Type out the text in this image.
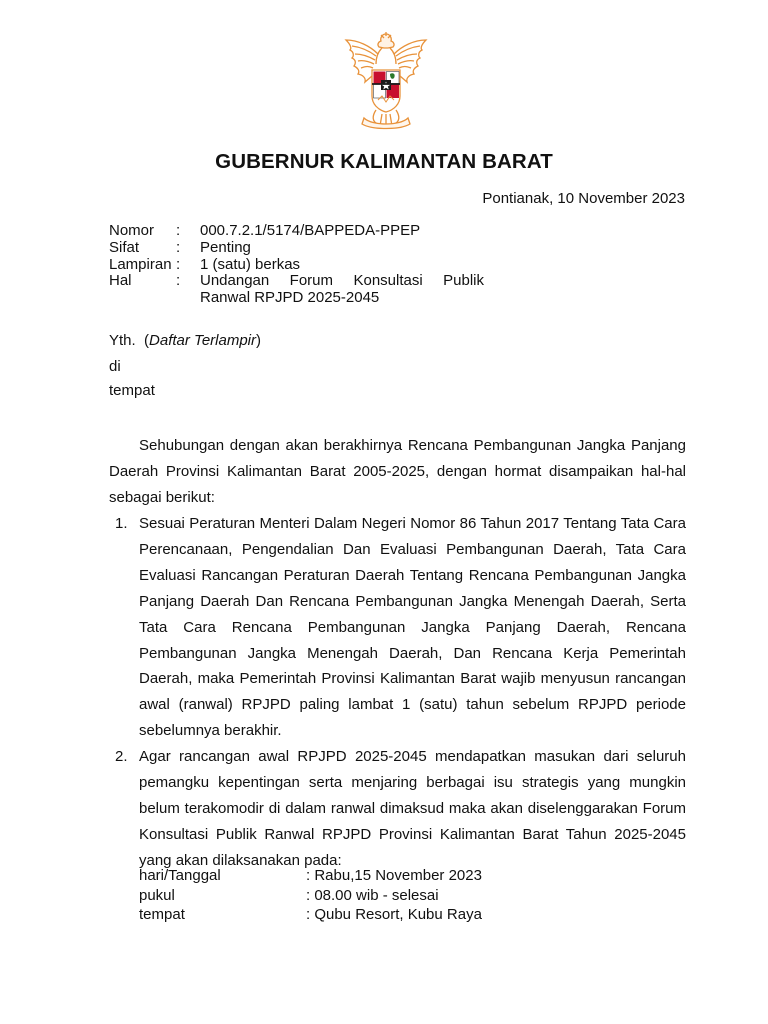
GUBERNUR KALIMANTAN BARAT
Pontianak, 10 November 2023
Nomor	:	000.7.2.1/5174/BAPPEDA-PPEP
Sifat	:	Penting
Lampiran :	1 (satu) berkas
Hal	:	Undangan Forum Konsultasi Publik
Ranwal RPJPD 2025-2045
Yth. (Daftar Terlampir)
di
tempat
Sehubungan dengan akan berakhirnya Rencana Pembangunan Jangka Panjang Daerah Provinsi Kalimantan Barat 2005-2025, dengan hormat disampaikan hal-hal sebagai berikut:
1. Sesuai Peraturan Menteri Dalam Negeri Nomor 86 Tahun 2017 Tentang Tata Cara Perencanaan, Pengendalian Dan Evaluasi Pembangunan Daerah, Tata Cara Evaluasi Rancangan Peraturan Daerah Tentang Rencana Pembangunan Jangka Panjang Daerah Dan Rencana Pembangunan Jangka Menengah Daerah, Serta Tata Cara Rencana Pembangunan Jangka Panjang Daerah, Rencana Pembangunan Jangka Menengah Daerah, Dan Rencana Kerja Pemerintah Daerah, maka Pemerintah Provinsi Kalimantan Barat wajib menyusun rancangan awal (ranwal) RPJPD paling lambat 1 (satu) tahun sebelum RPJPD periode sebelumnya berakhir.
2. Agar rancangan awal RPJPD 2025-2045 mendapatkan masukan dari seluruh pemangku kepentingan serta menjaring berbagai isu strategis yang mungkin belum terakomodir di dalam ranwal dimaksud maka akan diselenggarakan Forum Konsultasi Publik Ranwal RPJPD Provinsi Kalimantan Barat Tahun 2025-2045 yang akan dilaksanakan pada:
hari/Tanggal	: Rabu,15 November 2023
pukul	: 08.00 wib - selesai
tempat	: Qubu Resort, Kubu Raya
